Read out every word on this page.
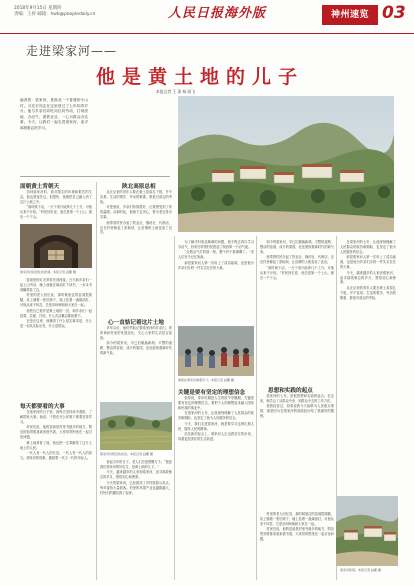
2018年9月15日 星期四
责编：王梓 邮箱：hwb@peopledaily.cn	人民日报海外版	神州速览 03
走进梁家河——
他是黄土地的儿子
本报记者 王 萧 杨 丽飞
编者按：梁家河，是陕北一个普通的小山村。习近平同志在这里度过了七年知青岁月。他与乡亲们同吃同住同劳动，打坝淤地、办沼气、建铁业社，一心为群众办实事。今天，让我们一起走进梁家河，追寻那段难忘的岁月。
面朝黄土背朝天

初到梁家河时，面对陌生的环境和艰苦的生活，他也曾迷茫过。但很快，他就把自己融入到了这片土地之中。

“那时候干活，一天下来只能挣几个工分，可他从来不计较。”村民回忆说，他总是第一个上山，最后一个下山。

梁家河村民居住的窑洞。本报记者 赵鹏 摄

窑洞里的灯光常常亮到深夜。白天和乡亲们一起上山劳动，晚上他就在煤油灯下读书，一本本书被翻得卷了边。

村里的老人回忆说，那时候他住的窑洞很简陋，炕上铺着一张旧席子，墙上挂着一盏煤油灯，可他从来不叫苦，总是乐呵呵地和大家在一起。

他把自己看作是黄土地的一员，和乡亲们一起担粪、拉煤、打坝，什么苦活累活都抢着干。

正是在这里，他懂得了什么是实事求是，什么是一切从实际出发，什么是群众。

每天都要看的大事

在梁家河的日子里，他每天坚持读书看报，了解国家大事。他说，不管在什么环境下都要坚持学习。

村民们说，他的窑洞是村里书最多的地方，附近的知青都喜欢来借书看，大家常常围坐在一起讨论问题。

黄土地养育了他，他也把一生奉献给了这片土地上的人民。

一代人有一代人的长征，一代人有一代人的担当。梁家河的故事，激励着一代又一代的年轻人。

陕北高原总相

从北京来的青年人要在黄土高原扎下根，并不容易。生活的艰苦、劳动的繁重，都是对意志的考验。

可是他说，乡亲们待我很好，让我感受到了家的温暖。从那时起，他就下定决心，要为老百姓办实事。

他带领村民办起了铁业社、缝纫社、代销店，还在村里修起了淤地坝，让贫瘠的土地变成了良田。

心一直惦记着这片土地

多年以后，他仍然惦记着梁家河的乡亲们，常常询问村里的发展变化，关心大家的生活是否富裕。

如今的梁家河，早已旧貌换新颜。平整的道路、整洁的窑洞、成片的果园，处处展现着新时代的新气象。

梁家河村附近的农田。本报记者 赵鹏 摄

说起当年的日子，老人们总是感慨万千。“他是我们梁家河的好后生，是黄土地的儿子。”

今天，越来越多的人来到梁家河，追寻那段难忘的岁月，感悟初心和使命。

今天的梁家河，已经建成了乡村旅游示范点，每年接待大量游客。村里的苹果产业也越做越大，村民们的腰包鼓了起来。

为了解决村里烧柴难的问题，他专程去四川学习办沼气，回来后带领村民建起了陕西第一个沼气池。

“点燃沼气灯的那一刻，整个村子都沸腾了。”老人们至今记忆犹新。

那是梁家河人第一次用上了清洁能源，也是他为乡亲们办的一件实实在在的大事。

游客在梁家河参观学习。本报记者 赵鹏 摄
关键是要有坚定的理想信念

他常说，青年时期是人生的拔节孕穗期，关键是要有坚定的理想信念，要把个人的理想追求融入国家和民族的事业中。

在梁家河的七年，让他深刻理解了人民群众的疾苦和期盼，也坚定了他为人民服务的信念。

今天，我们走进梁家河，就是要学习这种扎根人民、服务人民的精神。

站在新的起点上，梁家河人正迈着坚实的步伐，向着更加美好的生活前进。

如今的梁家河，早已旧貌换新颜。平整的道路、整洁的窑洞、成片的果园，处处展现着新时代的新气象。

他带领村民办起了铁业社、缝纫社、代销店，还在村里修起了淤地坝，让贫瘠的土地变成了良田。

“那时候干活，一天下来只能挣几个工分，可他从来不计较。”村民回忆说，他总是第一个上山，最后一个下山。

思想和实践的起点

梁家河的七年，是他思想和实践的起点。在这里，他学会了从群众中来、到群众中去的工作方法。

他曾经说过，如果说我今天能够为人民做点事情，那是因为在梁家河的那段经历给了我最好的锻炼。

村里的老人回忆说，那时候他住的窑洞很简陋，炕上铺着一张旧席子，墙上挂着一盏煤油灯，可他从来不叫苦，总是乐呵呵地和大家在一起。

村民们说，他的窑洞是村里书最多的地方，附近的知青都喜欢来借书看，大家常常围坐在一起讨论问题。

在梁家河的七年，让他深刻理解了人民群众的疾苦和期盼，也坚定了他为人民服务的信念。

那是梁家河人第一次用上了清洁能源，也是他为乡亲们办的一件实实在在的大事。

今天，越来越多的人来到梁家河，追寻那段难忘的岁月，感悟初心和使命。

从北京来的青年人要在黄土高原扎下根，并不容易。生活的艰苦、劳动的繁重，都是对意志的考验。

梁家河新貌。本报记者 赵鹏 摄
